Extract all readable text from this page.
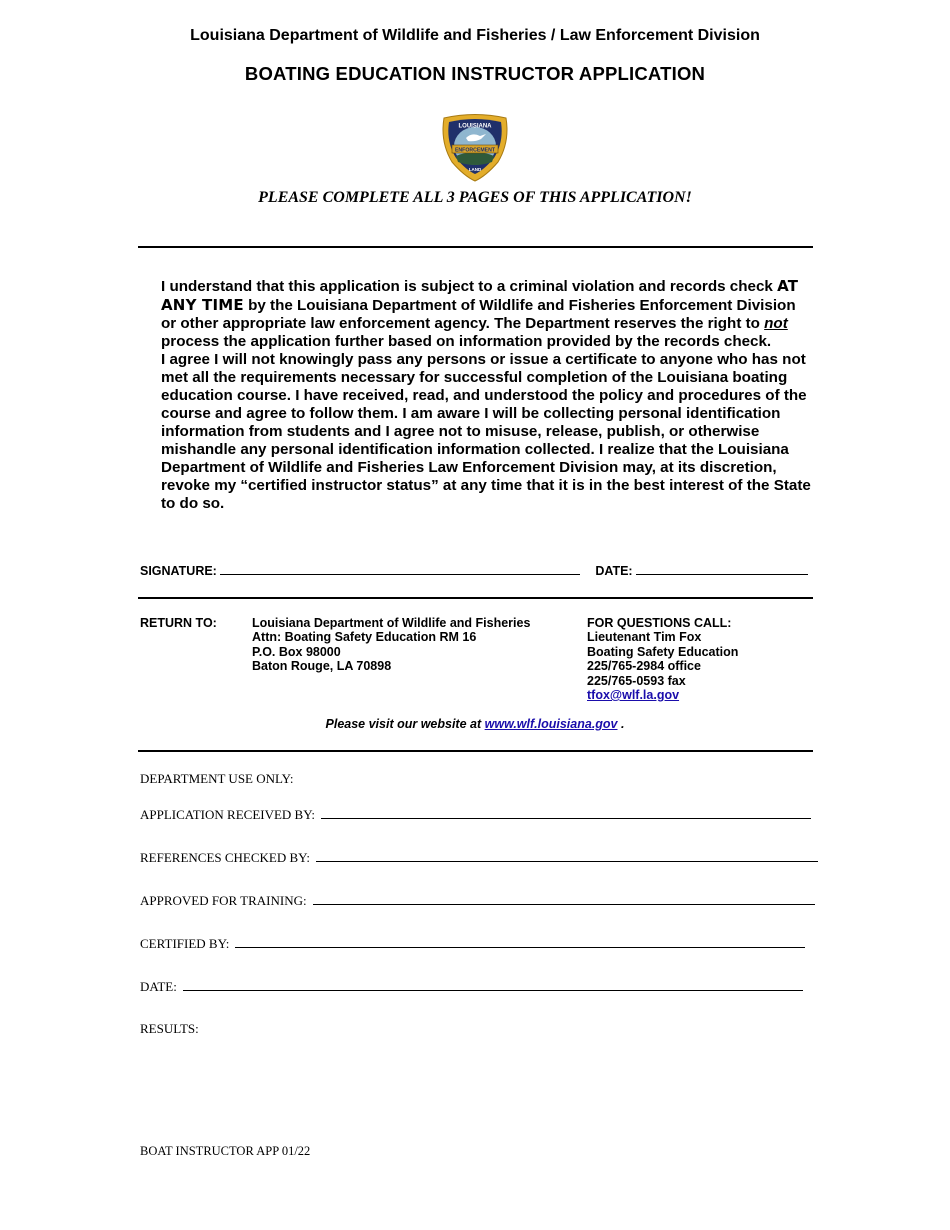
Louisiana Department of Wildlife and Fisheries / Law Enforcement Division
BOATING EDUCATION INSTRUCTOR APPLICATION
ENFORCEMENT
LOUISIANA
LAND
PLEASE COMPLETE ALL 3 PAGES OF THIS APPLICATION!

I understand that this application is subject to a criminal violation and records check AT ANY TIME by the Louisiana Department of Wildlife and Fisheries Enforcement Division or other appropriate law enforcement agency. The Department reserves the right to not process the application further based on information provided by the records check.

I agree I will not knowingly pass any persons or issue a certificate to anyone who has not met all the requirements necessary for successful completion of the Louisiana boating education course. I have received, read, and understood the policy and procedures of the course and agree to follow them. I am aware I will be collecting personal identification information from students and I agree not to misuse, release, publish, or otherwise mishandle any personal identification information collected. I realize that the Louisiana Department of Wildlife and Fisheries Law Enforcement Division may, at its discretion, revoke my “certified instructor status” at any time that it is in the best interest of the State to do so.

SIGNATURE:	DATE:
RETURN TO:	Louisiana Department of Wildlife and Fisheries
Attn: Boating Safety Education RM 16
P.O. Box 98000
Baton Rouge, LA 70898
FOR QUESTIONS CALL:
Lieutenant Tim Fox
Boating Safety Education
225/765-2984 office
225/765-0593 fax
tfox@wlf.la.gov
Please visit our website at www.wlf.louisiana.gov .
DEPARTMENT USE ONLY:
APPLICATION RECEIVED BY:
REFERENCES CHECKED BY:
APPROVED FOR TRAINING:
CERTIFIED BY:
DATE:
RESULTS:
BOAT INSTRUCTOR APP 01/22
